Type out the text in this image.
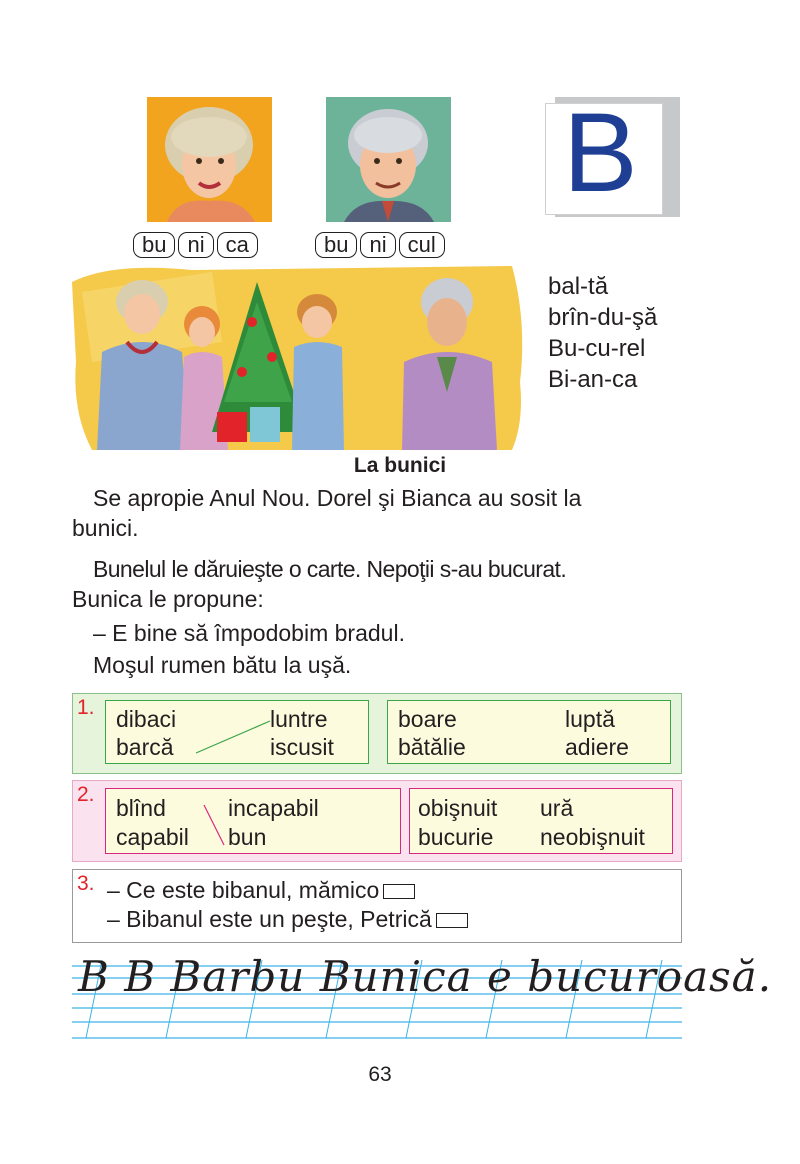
bu ni ca	bu ni cul
B
bal-tă
brîn-du-şă
Bu-cu-rel
Bi-an-ca
La bunici
Se apropie Anul Nou. Dorel şi Bianca au sosit la
bunici.
Bunelul le dăruieşte o carte. Nepoţii s-au bucurat.
Bunica le propune:
– E bine să împodobim bradul.
Moşul rumen bătu la uşă.
1. dibaci
barcă
luntre
iscusit
boare
bătălie
luptă
adiere
2.
blînd
capabil
incapabil
bun
obişnuit
bucurie
ură
neobişnuit
3. – Ce este bibanul, mămico
– Bibanul este un peşte, Petrică
B B Barbu Bunica e bucuroasă.
63
